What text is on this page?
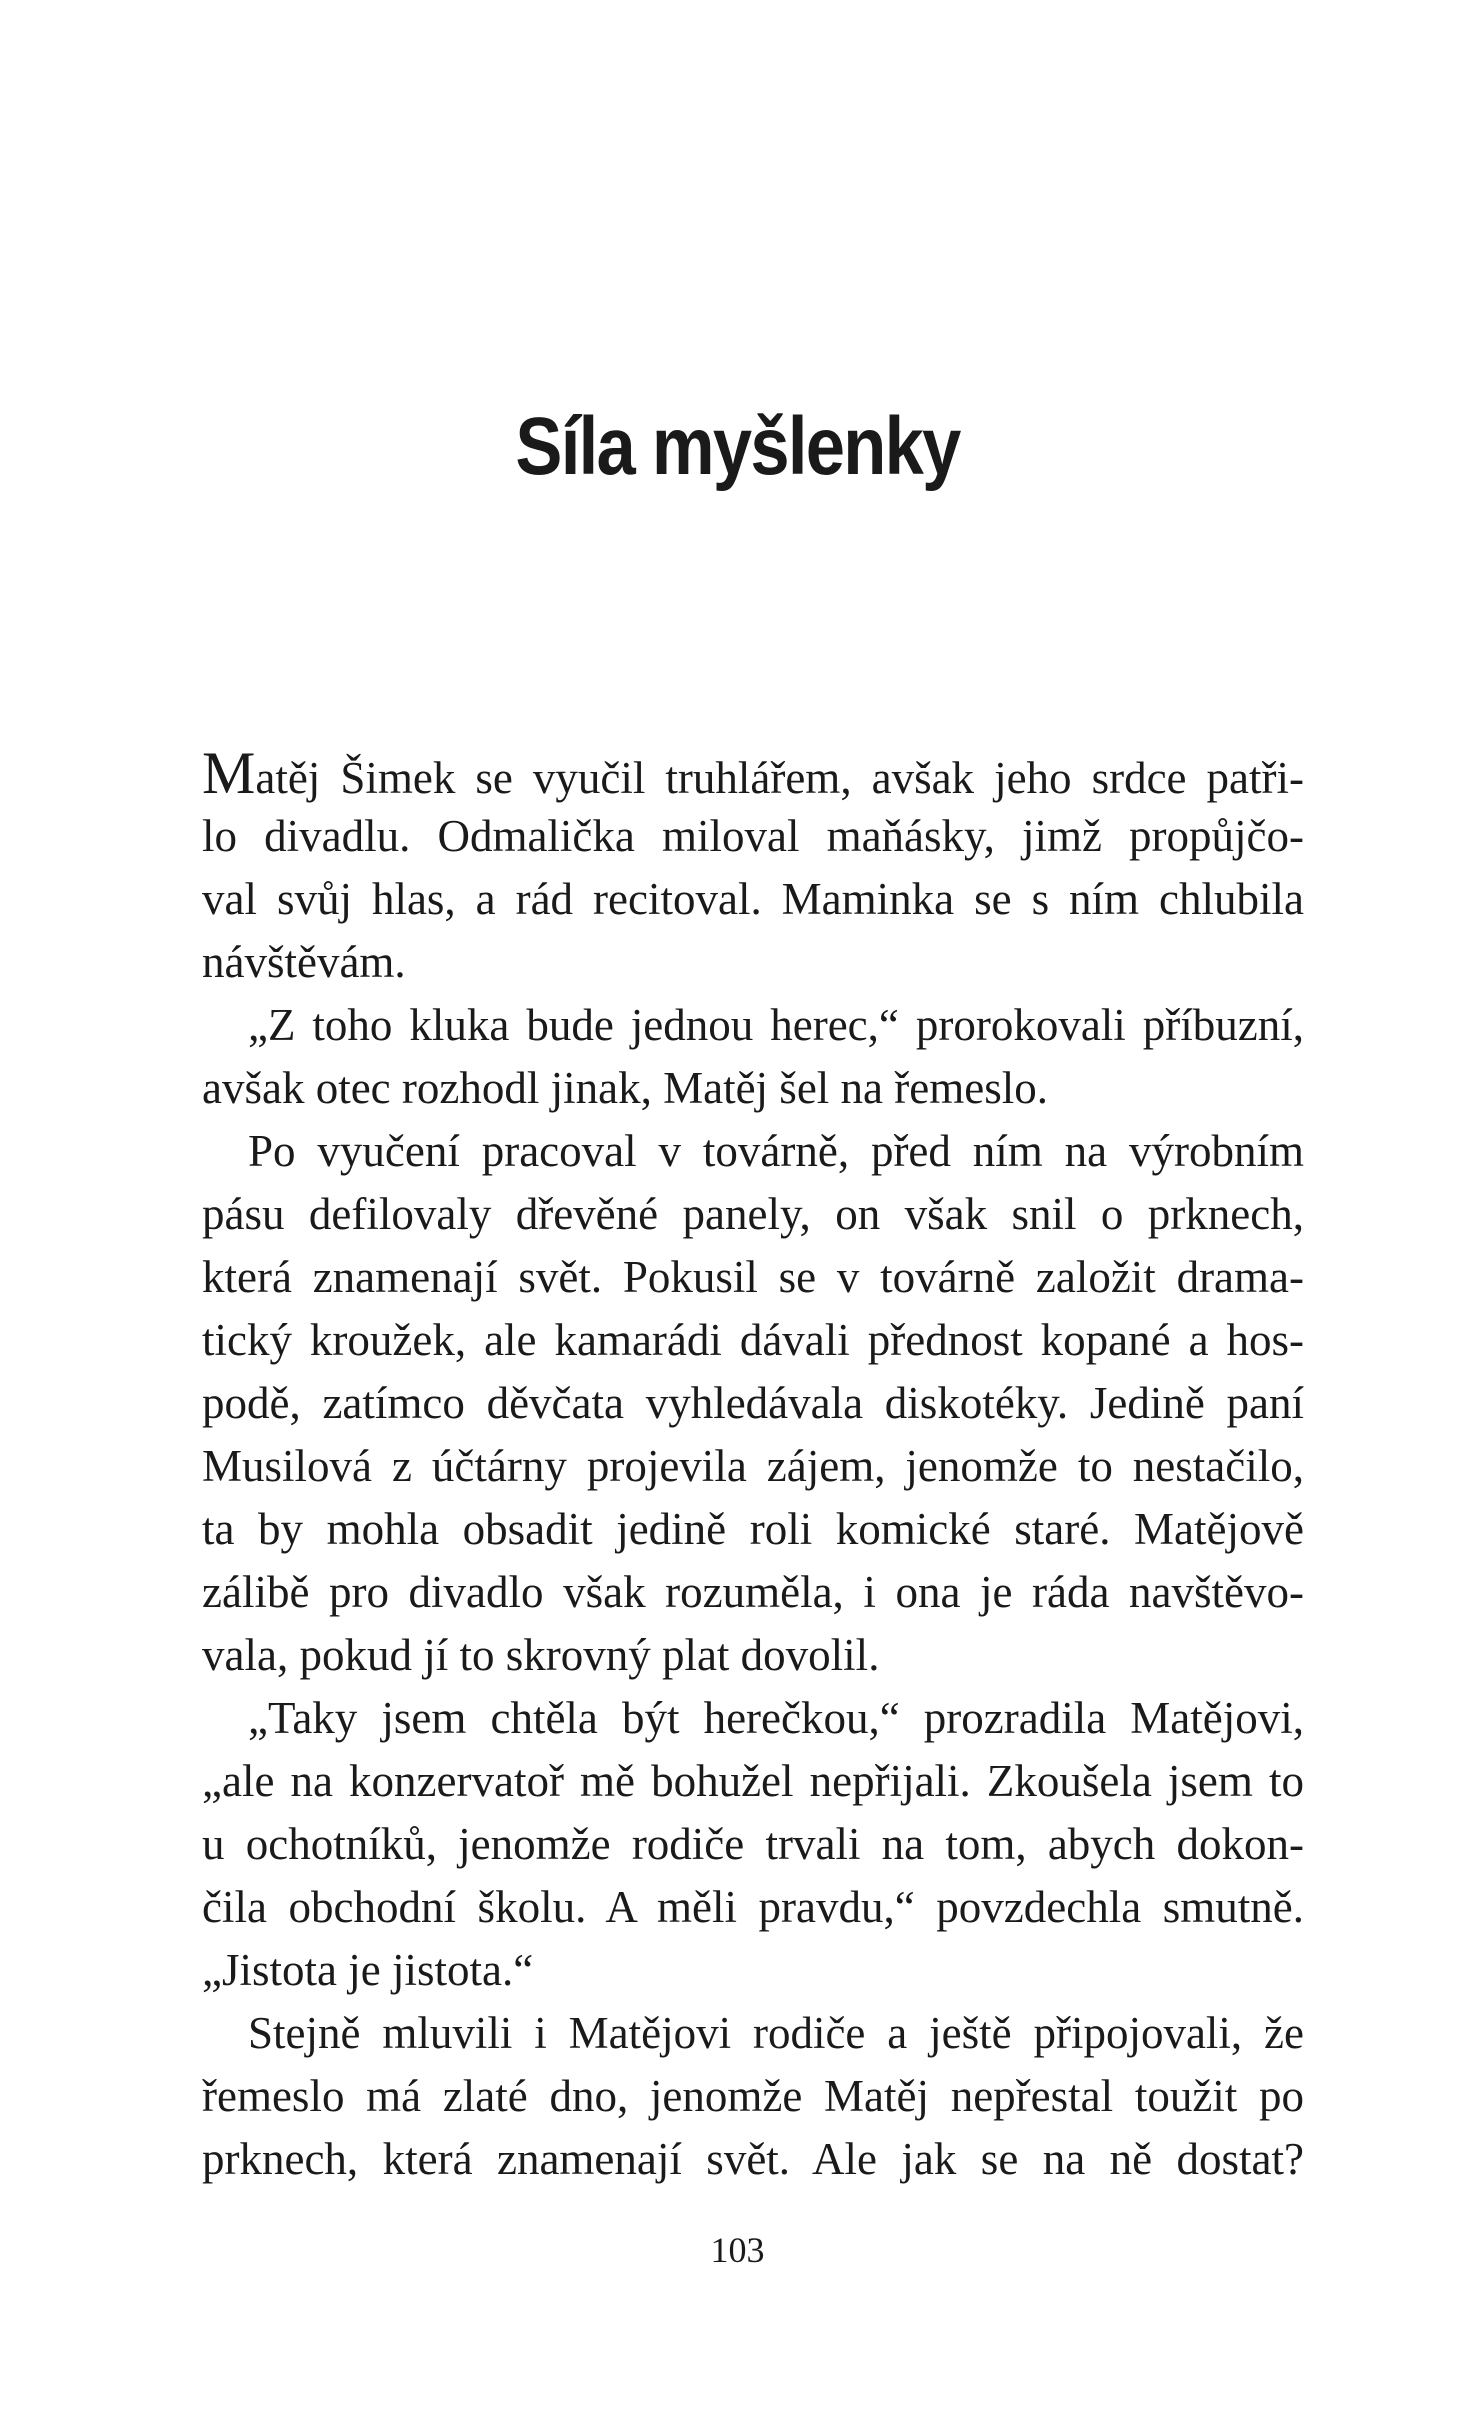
Síla myšlenky
Matěj Šimek se vyučil truhlářem, avšak jeho srdce patři-
lo divadlu. Odmalička miloval maňásky, jimž propůjčo-
val svůj hlas, a rád recitoval. Maminka se s ním chlubila
návštěvám.
„Z toho kluka bude jednou herec,“ prorokovali příbuzní,
avšak otec rozhodl jinak, Matěj šel na řemeslo.
Po vyučení pracoval v továrně, před ním na výrobním
pásu defilovaly dřevěné panely, on však snil o prknech,
která znamenají svět. Pokusil se v továrně založit drama-
tický kroužek, ale kamarádi dávali přednost kopané a hos-
podě, zatímco děvčata vyhledávala diskotéky. Jedině paní
Musilová z účtárny projevila zájem, jenomže to nestačilo,
ta by mohla obsadit jedině roli komické staré. Matějově
zálibě pro divadlo však rozuměla, i ona je ráda navštěvo-
vala, pokud jí to skrovný plat dovolil.
„Taky jsem chtěla být herečkou,“ prozradila Matějovi,
„ale na konzervatoř mě bohužel nepřijali. Zkoušela jsem to
u ochotníků, jenomže rodiče trvali na tom, abych dokon-
čila obchodní školu. A měli pravdu,“ povzdechla smutně.
„Jistota je jistota.“
Stejně mluvili i Matějovi rodiče a ještě připojovali, že
řemeslo má zlaté dno, jenomže Matěj nepřestal toužit po
prknech, která znamenají svět. Ale jak se na ně dostat?
103
